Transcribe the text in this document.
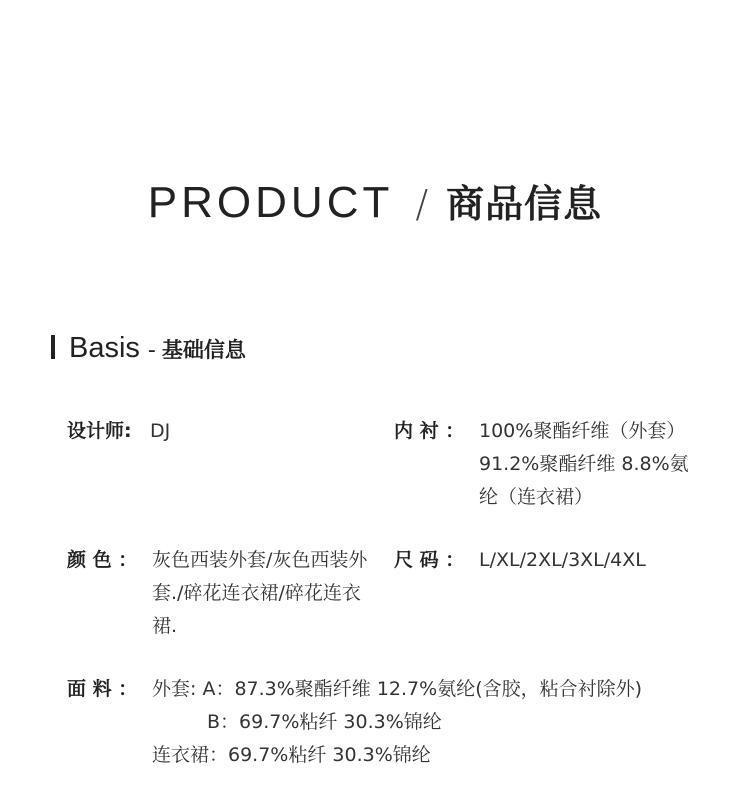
PRODUCT / 商品信息
Basis - 基础信息
设计师: DJ	内 衬 ： 100%聚酯纤维（外套）
91.2%聚酯纤维 8.8%氨
纶（连衣裙）
颜 色 ： 灰色西装外套/灰色西装外
套./碎花连衣裙/碎花连衣
裙.
尺 码 ： L/XL/2XL/3XL/4XL
面 料 ： 外套: A：87.3%聚酯纤维 12.7%氨纶(含胶，粘合衬除外)
B：69.7%粘纤 30.3%锦纶
连衣裙：69.7%粘纤 30.3%锦纶
